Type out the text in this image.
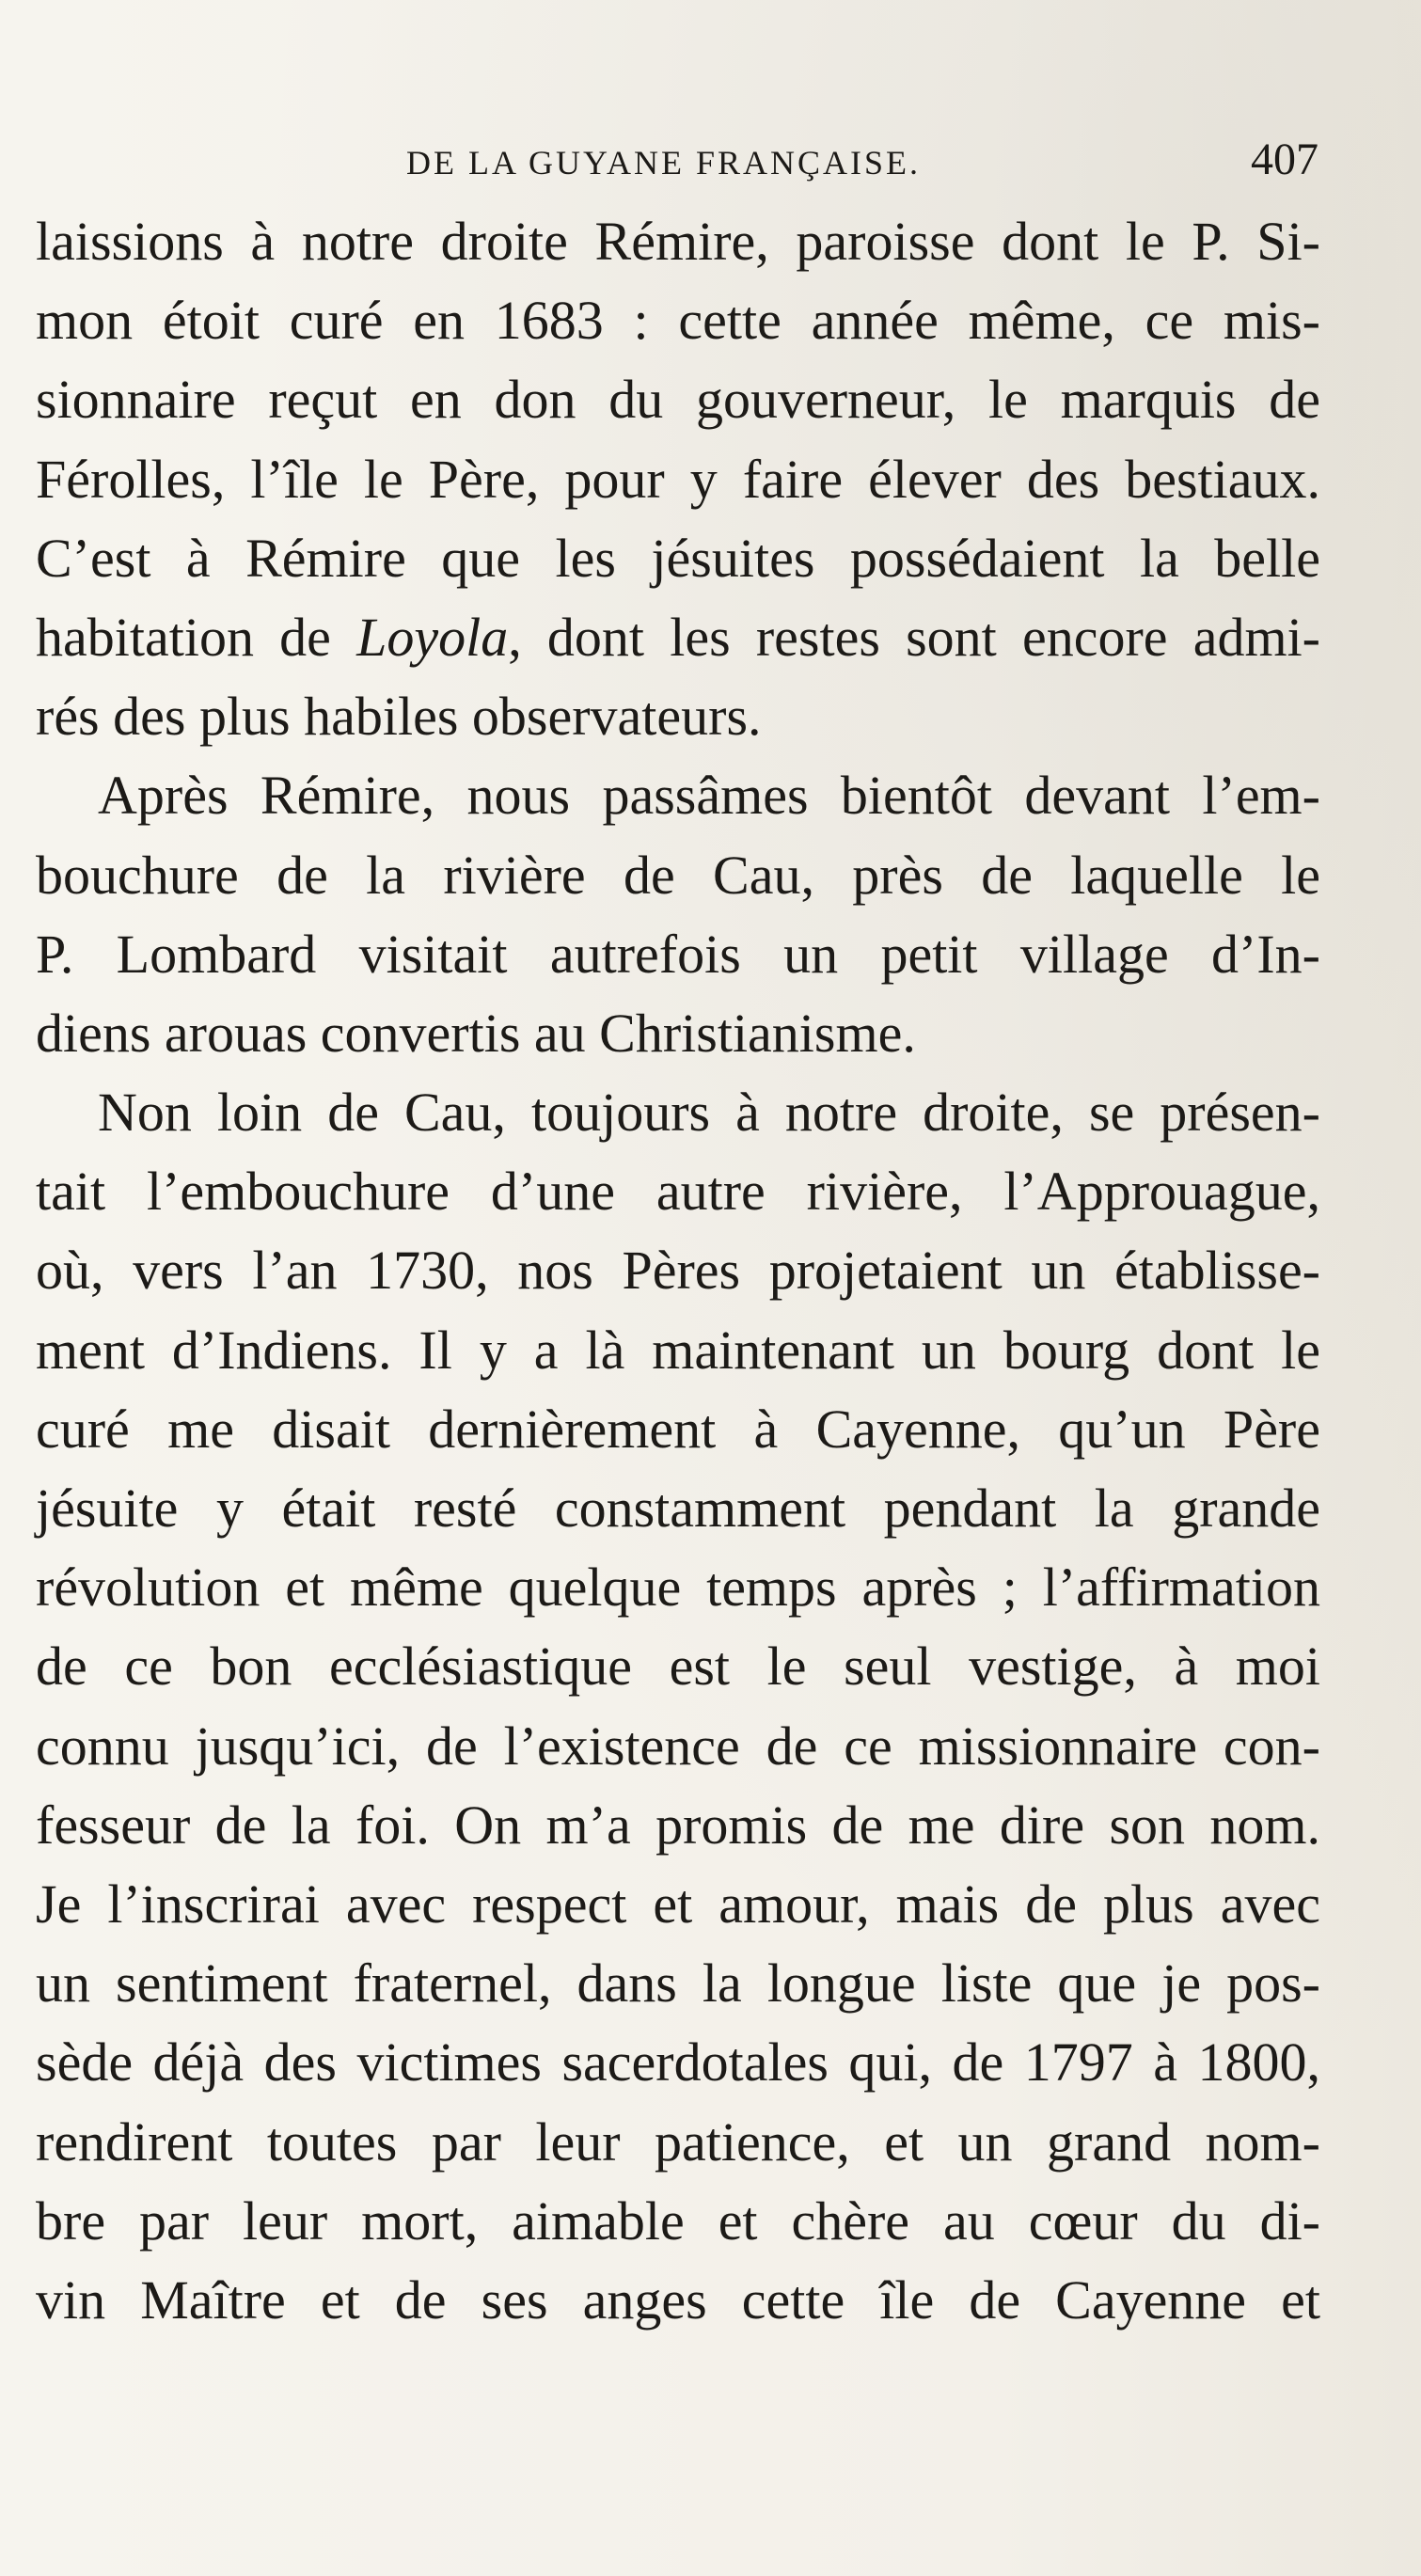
DE LA GUYANE FRANÇAISE.	407
laissions à notre droite Rémire, paroisse dont le P. Si-
mon étoit curé en 1683 : cette année même, ce mis-
sionnaire reçut en don du gouverneur, le marquis de
Férolles, l’île le Père, pour y faire élever des bestiaux.
C’est à Rémire que les jésuites possédaient la belle
habitation de Loyola, dont les restes sont encore admi-
rés des plus habiles observateurs.
Après Rémire, nous passâmes bientôt devant l’em-
bouchure de la rivière de Cau, près de laquelle le
P. Lombard visitait autrefois un petit village d’In-
diens arouas convertis au Christianisme.
Non loin de Cau, toujours à notre droite, se présen-
tait l’embouchure d’une autre rivière, l’Approuague,
où, vers l’an 1730, nos Pères projetaient un établisse-
ment d’Indiens. Il y a là maintenant un bourg dont le
curé me disait dernièrement à Cayenne, qu’un Père
jésuite y était resté constamment pendant la grande
révolution et même quelque temps après ; l’affirmation
de ce bon ecclésiastique est le seul vestige, à moi
connu jusqu’ici, de l’existence de ce missionnaire con-
fesseur de la foi. On m’a promis de me dire son nom.
Je l’inscrirai avec respect et amour, mais de plus avec
un sentiment fraternel, dans la longue liste que je pos-
sède déjà des victimes sacerdotales qui, de 1797 à 1800,
rendirent toutes par leur patience, et un grand nom-
bre par leur mort, aimable et chère au cœur du di-
vin Maître et de ses anges cette île de Cayenne et
